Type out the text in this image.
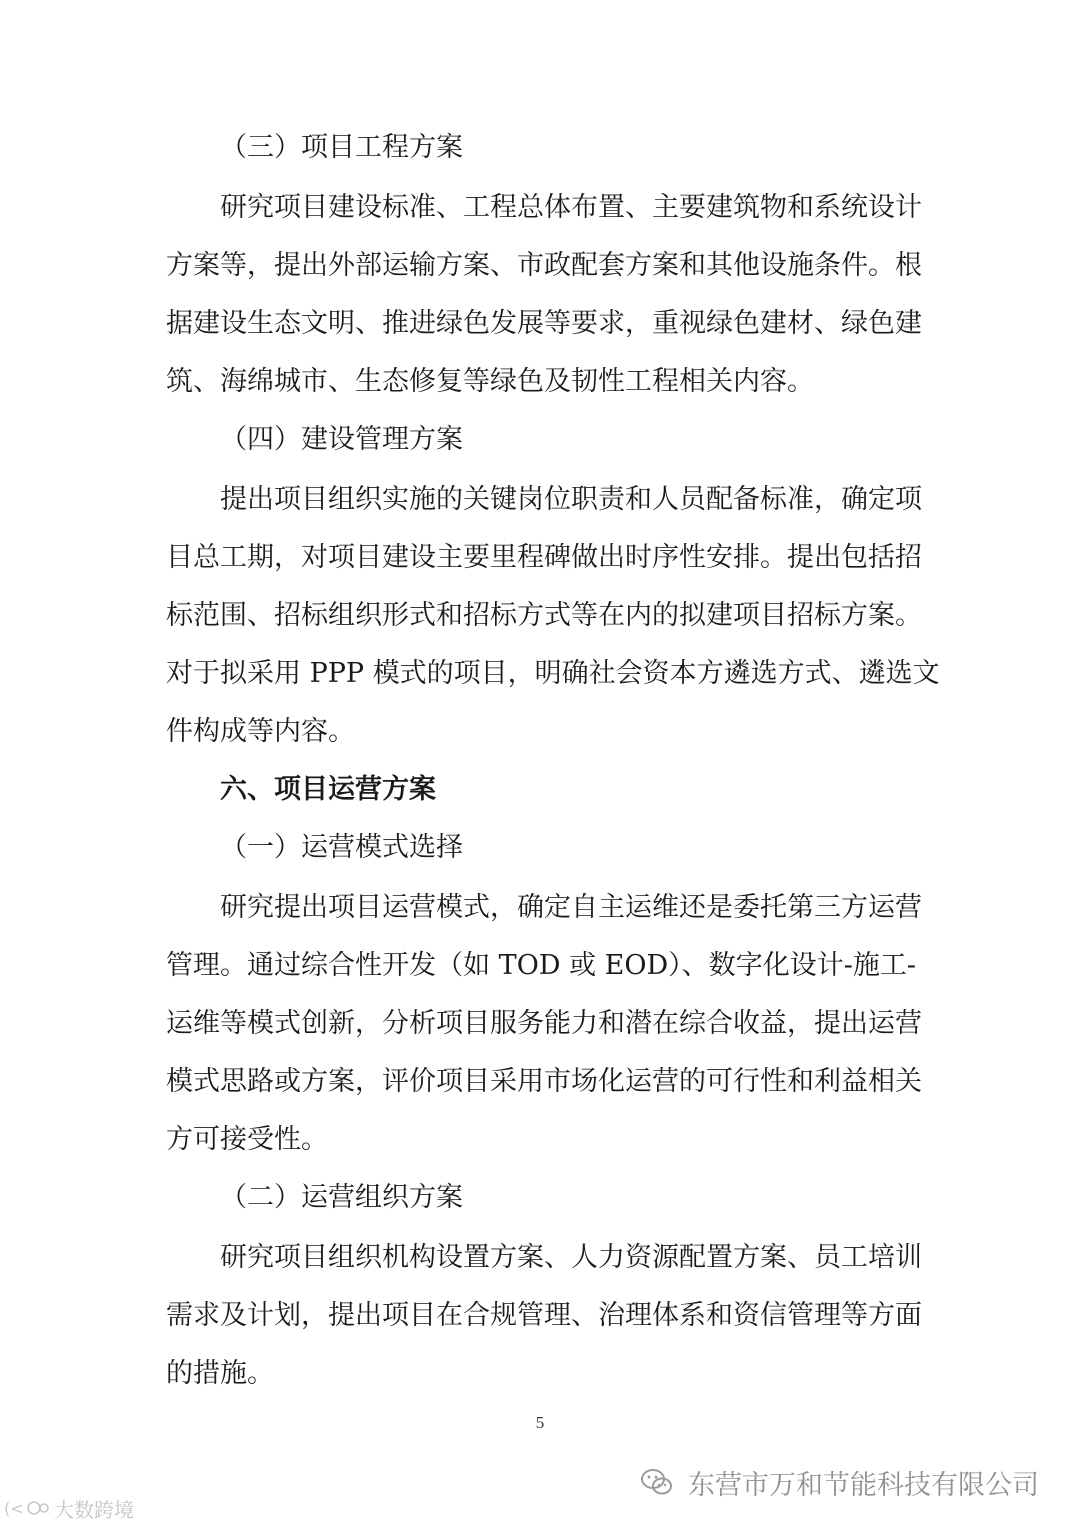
（三）项目工程方案
研究项目建设标准、工程总体布置、主要建筑物和系统设计
方案等，提出外部运输方案、市政配套方案和其他设施条件。根
据建设生态文明、推进绿色发展等要求，重视绿色建材、绿色建
筑、海绵城市、生态修复等绿色及韧性工程相关内容。
（四）建设管理方案
提出项目组织实施的关键岗位职责和人员配备标准，确定项
目总工期，对项目建设主要里程碑做出时序性安排。提出包括招
标范围、招标组织形式和招标方式等在内的拟建项目招标方案。
对于拟采用 PPP 模式的项目，明确社会资本方遴选方式、遴选文
件构成等内容。
六、项目运营方案
（一）运营模式选择
研究提出项目运营模式，确定自主运维还是委托第三方运营
管理。通过综合性开发（如 TOD 或 EOD）、数字化设计-施工-
运维等模式创新，分析项目服务能力和潜在综合收益，提出运营
模式思路或方案，评价项目采用市场化运营的可行性和利益相关
方可接受性。
（二）运营组织方案
研究项目组织机构设置方案、人力资源配置方案、员工培训
需求及计划，提出项目在合规管理、治理体系和资信管理等方面
的措施。
5
东营市万和节能科技有限公司
(< 大数跨境
